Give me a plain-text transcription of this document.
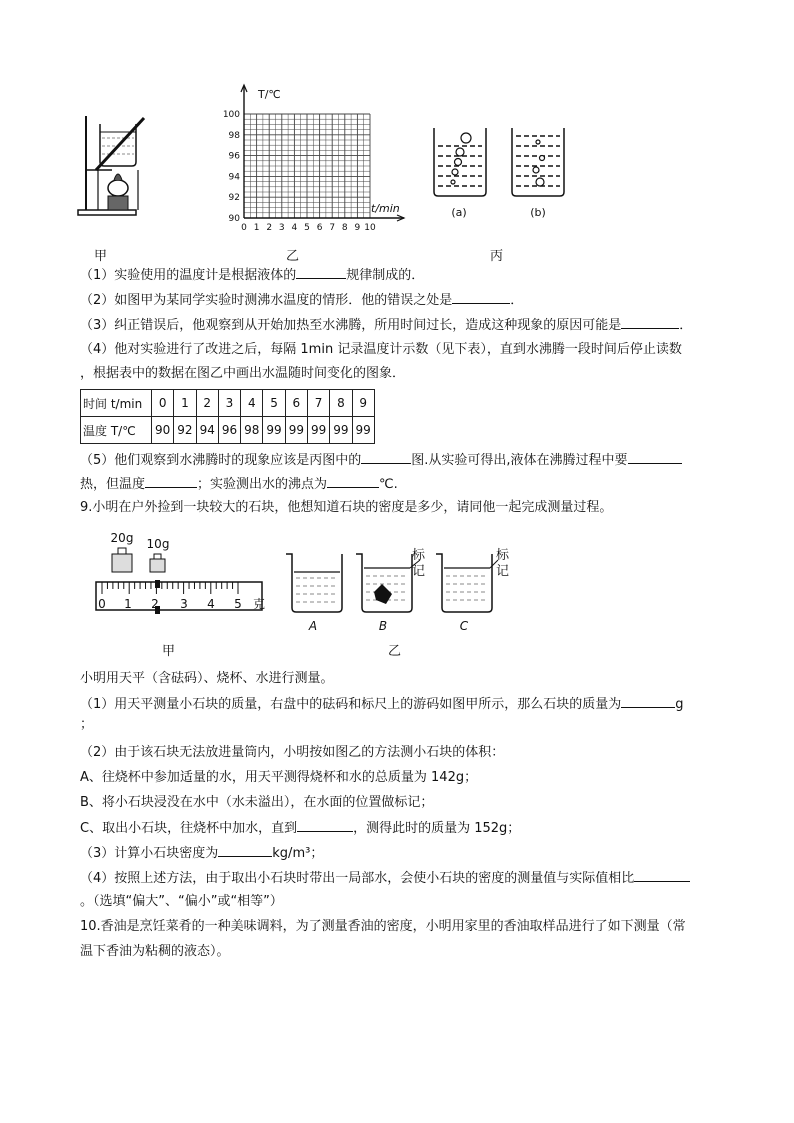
T/℃
t/min
100
98
96
94
92
90
0 1 2 3 4 5 6 7 8 9 10
(a)	(b)
甲	乙	丙
（1）实验使用的温度计是根据液体的	规律制成的．
（2）如图甲为某同学实验时测沸水温度的情形．他的错误之处是	．
（3）纠正错误后，他观察到从开始加热至水沸腾，所用时间过长，造成这种现象的原因可能是	．
（4）他对实验进行了改进之后，每隔 1min 记录温度计示数（见下表），直到水沸腾一段时间后停止读数
，根据表中的数据在图乙中画出水温随时间变化的图象．
时间 t/min	0	1	2	3	4	5	6	7	8	9
温度 T/℃	90	92	94	96	98	99	99	99	99	99
（5）他们观察到水沸腾时的现象应该是丙图中的	图.从实验可得出,液体在沸腾过程中要
热，但温度	；实验测出水的沸点为	℃.
9.小明在户外捡到一块较大的石块，他想知道石块的密度是多少，请同他一起完成测量过程。
20g 10g
0 1 2 3 4 5 克
A	B	C
标记
标记
甲	乙
小明用天平（含砝码）、烧杯、水进行测量。
（1）用天平测量小石块的质量，右盘中的砝码和标尺上的游码如图甲所示，那么石块的质量为	g
；
（2）由于该石块无法放进量筒内，小明按如图乙的方法测小石块的体积：
A、往烧杯中参加适量的水，用天平测得烧杯和水的总质量为 142g；
B、将小石块浸没在水中（水未溢出），在水面的位置做标记；
C、取出小石块，往烧杯中加水，直到	，测得此时的质量为 152g；
（3）计算小石块密度为	kg/m³；
（4）按照上述方法，由于取出小石块时带出一局部水，会使小石块的密度的测量值与实际值相比
。（选填“偏大”、“偏小”或“相等”）
10.香油是烹饪菜肴的一种美味调料，为了测量香油的密度，小明用家里的香油取样品进行了如下测量（常
温下香油为粘稠的液态）。
